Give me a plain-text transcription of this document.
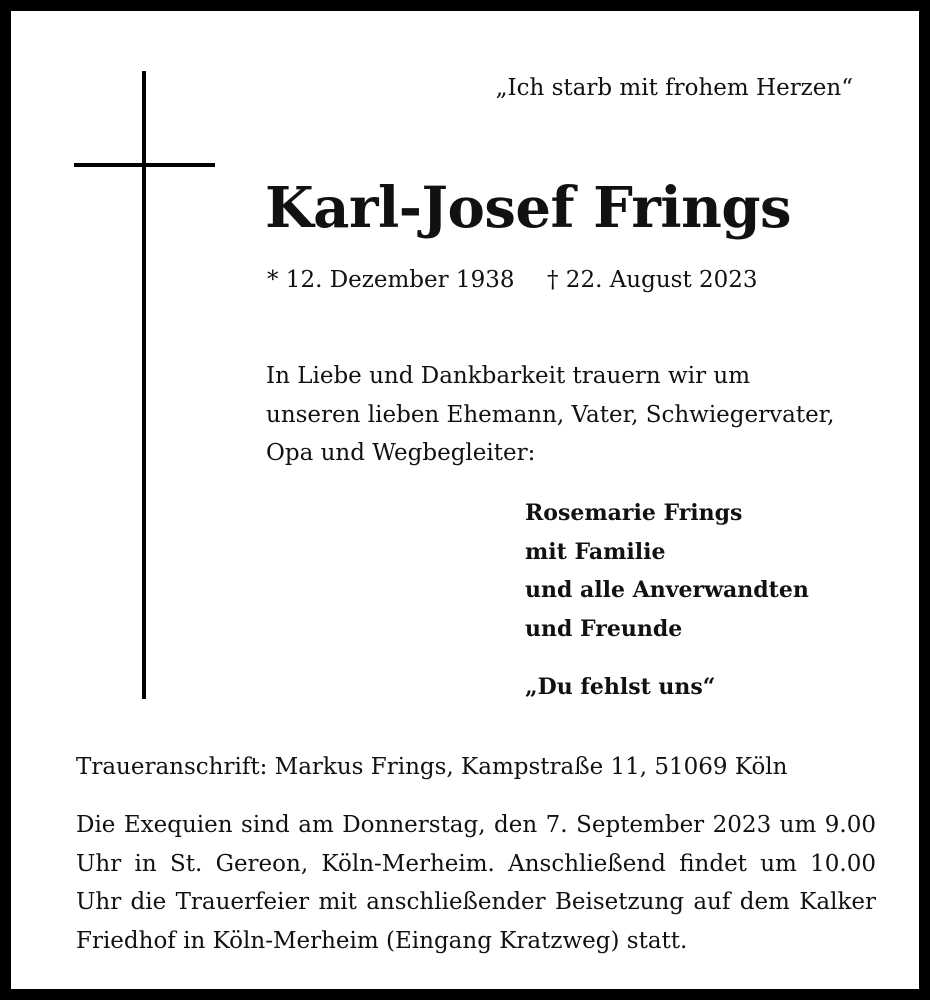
„Ich starb mit frohem Herzen“
Karl-Josef Frings
* 12. Dezember 1938 † 22. August 2023
In Liebe und Dankbarkeit trauern wir um unseren lieben Ehemann, Vater, Schwiegervater, Opa und Wegbegleiter:
Rosemarie Frings
mit Familie
und alle Anverwandten
und Freunde
„Du fehlst uns“
Traueranschrift: Markus Frings, Kampstraße 11, 51069 Köln
Die Exequien sind am Donnerstag, den 7. September 2023 um 9.00 Uhr in St. Gereon, Köln-Merheim. Anschließend findet um 10.00 Uhr die Trauerfeier mit anschließender Beisetzung auf dem Kalker Friedhof in Köln-Merheim (Eingang Kratzweg) statt.
